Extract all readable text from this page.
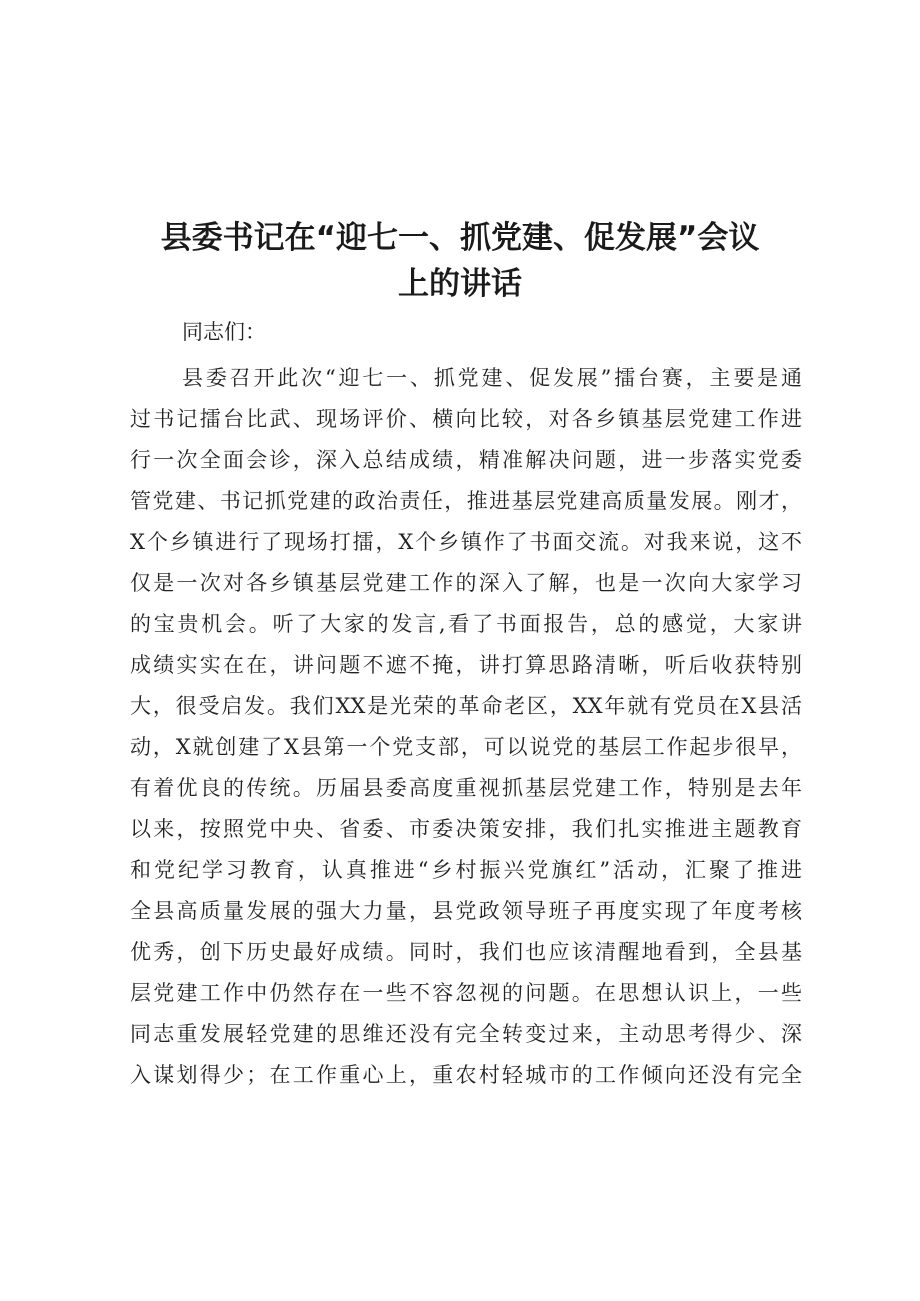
县委书记在“迎七一、抓党建、促发展”会议
上的讲话

同志们：

县委召开此次“迎七一、抓党建、促发展”擂台赛，主要是通
过书记擂台比武、现场评价、横向比较，对各乡镇基层党建工作进
行一次全面会诊，深入总结成绩，精准解决问题，进一步落实党委
管党建、书记抓党建的政治责任，推进基层党建高质量发展。刚才，
X个乡镇进行了现场打擂，X个乡镇作了书面交流。对我来说，这不
仅是一次对各乡镇基层党建工作的深入了解，也是一次向大家学习
的宝贵机会。听了大家的发言,看了书面报告，总的感觉，大家讲
成绩实实在在，讲问题不遮不掩，讲打算思路清晰，听后收获特别
大，很受启发。我们XX是光荣的革命老区，XX年就有党员在X县活
动，X就创建了X县第一个党支部，可以说党的基层工作起步很早，
有着优良的传统。历届县委高度重视抓基层党建工作，特别是去年
以来，按照党中央、省委、市委决策安排，我们扎实推进主题教育
和党纪学习教育，认真推进“乡村振兴党旗红”活动，汇聚了推进
全县高质量发展的强大力量，县党政领导班子再度实现了年度考核
优秀，创下历史最好成绩。同时，我们也应该清醒地看到，全县基
层党建工作中仍然存在一些不容忽视的问题。在思想认识上，一些
同志重发展轻党建的思维还没有完全转变过来，主动思考得少、深
入谋划得少；在工作重心上，重农村轻城市的工作倾向还没有完全
